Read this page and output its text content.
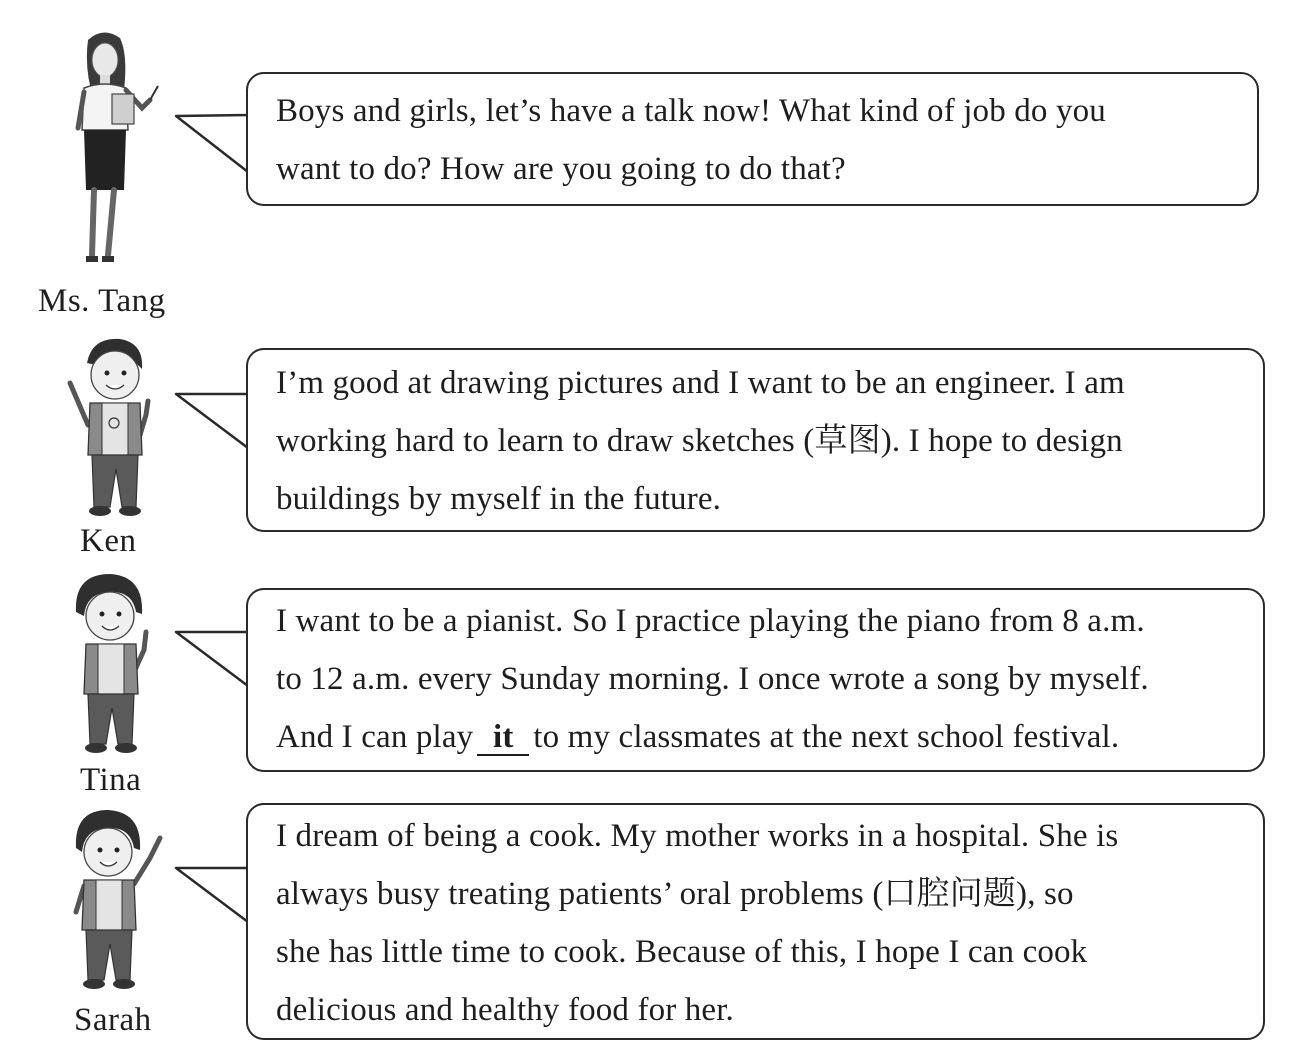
Ms. Tang
Boys and girls, let’s have a talk now! What kind of job do you
want to do? How are you going to do that?
Ken
I’m good at drawing pictures and I want to be an engineer. I am
working hard to learn to draw sketches (草图). I hope to design
buildings by myself in the future.
Tina
I want to be a pianist. So I practice playing the piano from 8 a.m.
to 12 a.m. every Sunday morning. I once wrote a song by myself.
And I can play it to my classmates at the next school festival.
Sarah
I dream of being a cook. My mother works in a hospital. She is
always busy treating patients’ oral problems (口腔问题), so
she has little time to cook. Because of this, I hope I can cook
delicious and healthy food for her.
